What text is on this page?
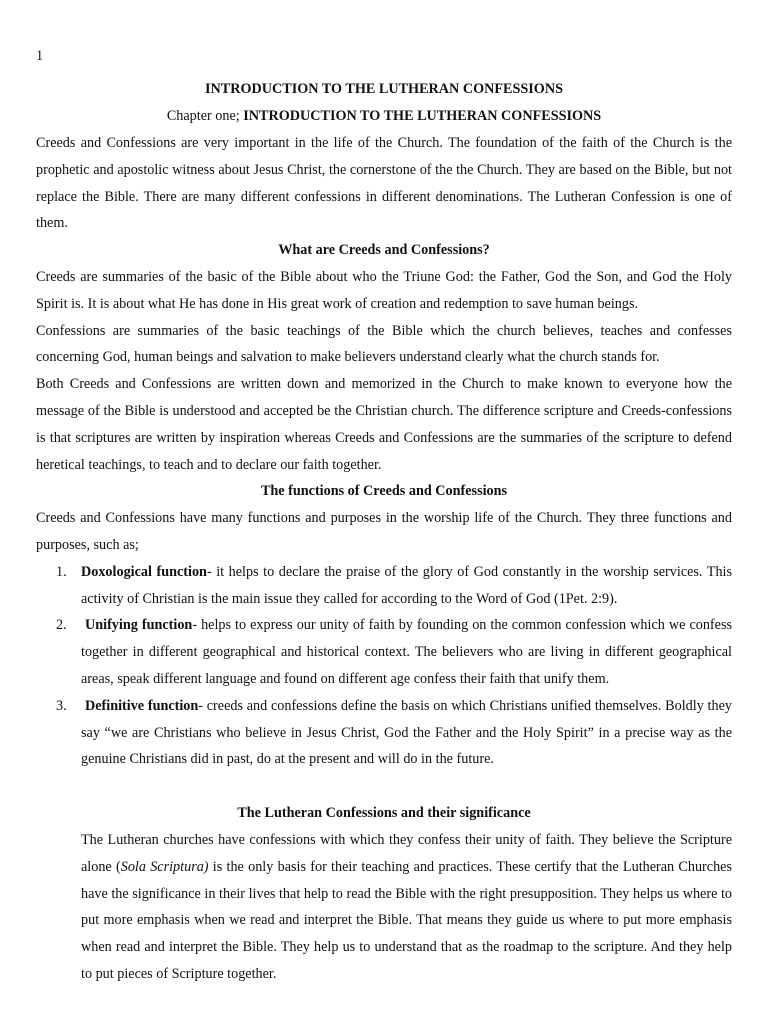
1
INTRODUCTION TO THE LUTHERAN CONFESSIONS
Chapter one; INTRODUCTION TO THE LUTHERAN CONFESSIONS

Creeds and Confessions are very important in the life of the Church. The foundation of the faith of the Church is the prophetic and apostolic witness about Jesus Christ, the cornerstone of the the Church. They are based on the Bible, but not replace the Bible. There are many different confessions in different denominations. The Lutheran Confession is one of them.

What are Creeds and Confessions?

Creeds are summaries of the basic of the Bible about who the Triune God: the Father, God the Son, and God the Holy Spirit is. It is about what He has done in His great work of creation and redemption to save human beings.

Confessions are summaries of the basic teachings of the Bible which the church believes, teaches and confesses concerning God, human beings and salvation to make believers understand clearly what the church stands for.

Both Creeds and Confessions are written down and memorized in the Church to make known to everyone how the message of the Bible is understood and accepted be the Christian church. The difference scripture and Creeds-confessions is that scriptures are written by inspiration whereas Creeds and Confessions are the summaries of the scripture to defend heretical teachings, to teach and to declare our faith together.

The functions of Creeds and Confessions

Creeds and Confessions have many functions and purposes in the worship life of the Church. They three functions and purposes, such as;

1. Doxological function- it helps to declare the praise of the glory of God constantly in the worship services. This activity of Christian is the main issue they called for according to the Word of God (1Pet. 2:9).
2. Unifying function- helps to express our unity of faith by founding on the common confession which we confess together in different geographical and historical context. The believers who are living in different geographical areas, speak different language and found on different age confess their faith that unify them.
3. Definitive function- creeds and confessions define the basis on which Christians unified themselves. Boldly they say “we are Christians who believe in Jesus Christ, God the Father and the Holy Spirit” in a precise way as the genuine Christians did in past, do at the present and will do in the future.
The Lutheran Confessions and their significance

The Lutheran churches have confessions with which they confess their unity of faith. They believe the Scripture alone (Sola Scriptura) is the only basis for their teaching and practices. These certify that the Lutheran Churches have the significance in their lives that help to read the Bible with the right presupposition. They helps us where to put more emphasis when we read and interpret the Bible. That means they guide us where to put more emphasis when read and interpret the Bible. They help us to understand that as the roadmap to the scripture. And they help to put pieces of Scripture together.
